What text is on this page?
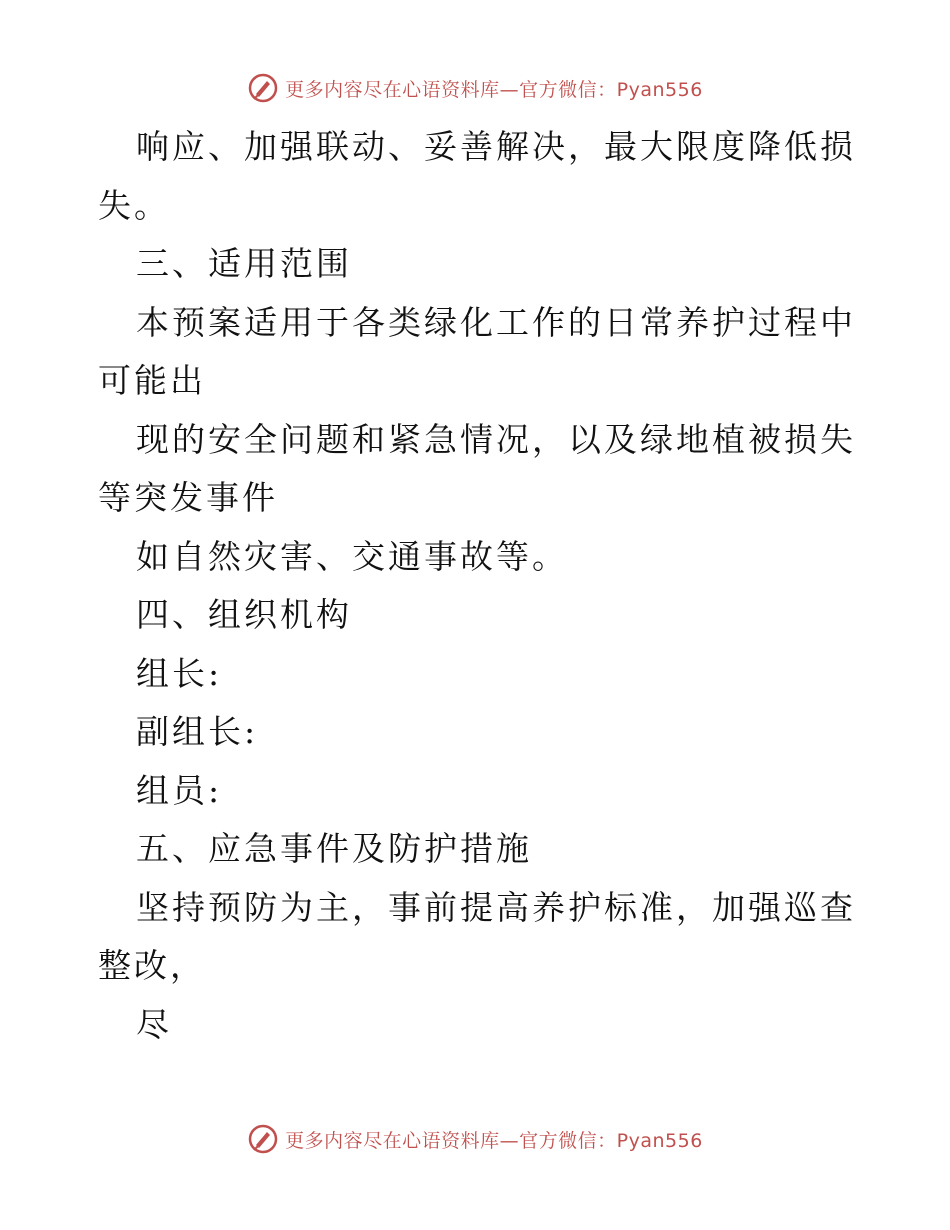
更多内容尽在心语资料库—官方微信：Pyan556

响应、加强联动、妥善解决，最大限度降低损失。

三、适用范围

本预案适用于各类绿化工作的日常养护过程中可能出

现的安全问题和紧急情况，以及绿地植被损失等突发事件

如自然灾害、交通事故等。

四、组织机构

组长:

副组长:

组员:

五、应急事件及防护措施

坚持预防为主，事前提高养护标准，加强巡查整改，

尽

更多内容尽在心语资料库—官方微信：Pyan556
